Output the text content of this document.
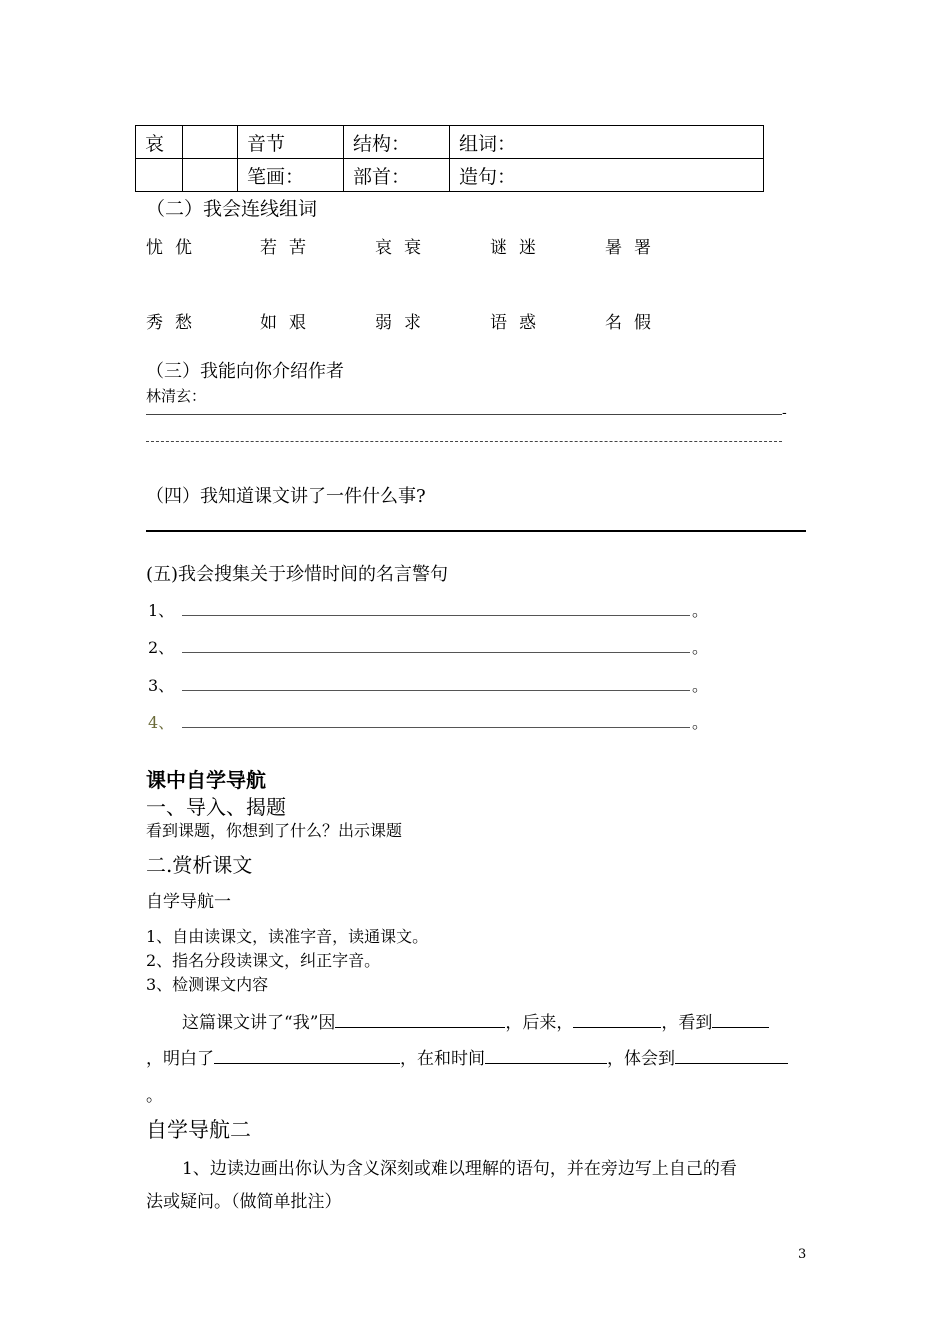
哀		音节	结构：	组词：
		笔画：	部首：	造句：
（二）我会连线组词
忧优	若苦	哀衰	谜迷	暑署
秀愁	如艰	弱求	语惑	名假
（三）我能向你介绍作者
林清玄：
-
（四）我知道课文讲了一件什么事?
(五)我会搜集关于珍惜时间的名言警句
1、	。
2、	。
3、	。
4、	。
课中自学导航
一、导入、揭题
看到课题，你想到了什么？出示课题
二.赏析课文
自学导航一
1、自由读课文，读准字音，读通课文。
2、指名分段读课文，纠正字音。
3、检测课文内容
这篇课文讲了“我”因	，后来，	，看到
，明白了	，在和时间	，体会到
。
自学导航二
1、边读边画出你认为含义深刻或难以理解的语句，并在旁边写上自己的看
法或疑问。（做简单批注）
3
